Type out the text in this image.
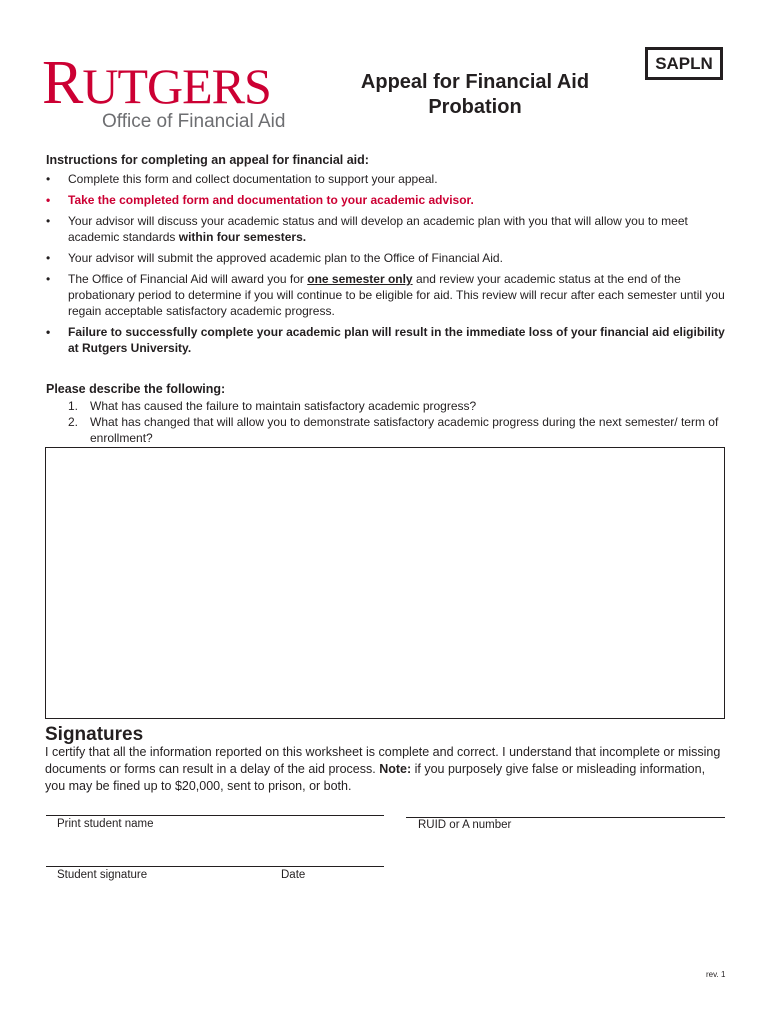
RUTGERS
Office of Financial Aid
Appeal for Financial Aid
Probation
SAPLN
Instructions for completing an appeal for financial aid:
• Complete this form and collect documentation to support your appeal.
• Take the completed form and documentation to your academic advisor.
• Your advisor will discuss your academic status and will develop an academic plan with you that will allow you to meet academic standards within four semesters.
• Your advisor will submit the approved academic plan to the Office of Financial Aid.
• The Office of Financial Aid will award you for one semester only and review your academic status at the end of the probationary period to determine if you will continue to be eligible for aid. This review will recur after each semester until you regain acceptable satisfactory academic progress.
• Failure to successfully complete your academic plan will result in the immediate loss of your financial aid eligibility at Rutgers University.
Please describe the following:
1. What has caused the failure to maintain satisfactory academic progress?
2. What has changed that will allow you to demonstrate satisfactory academic progress during the next semester/ term of enrollment?
Signatures
I certify that all the information reported on this worksheet is complete and correct. I understand that incomplete or missing documents or forms can result in a delay of the aid process. Note: if you purposely give false or misleading information, you may be fined up to $20,000, sent to prison, or both.
Print student name	RUID or A number
Student signature	Date
rev. 1
